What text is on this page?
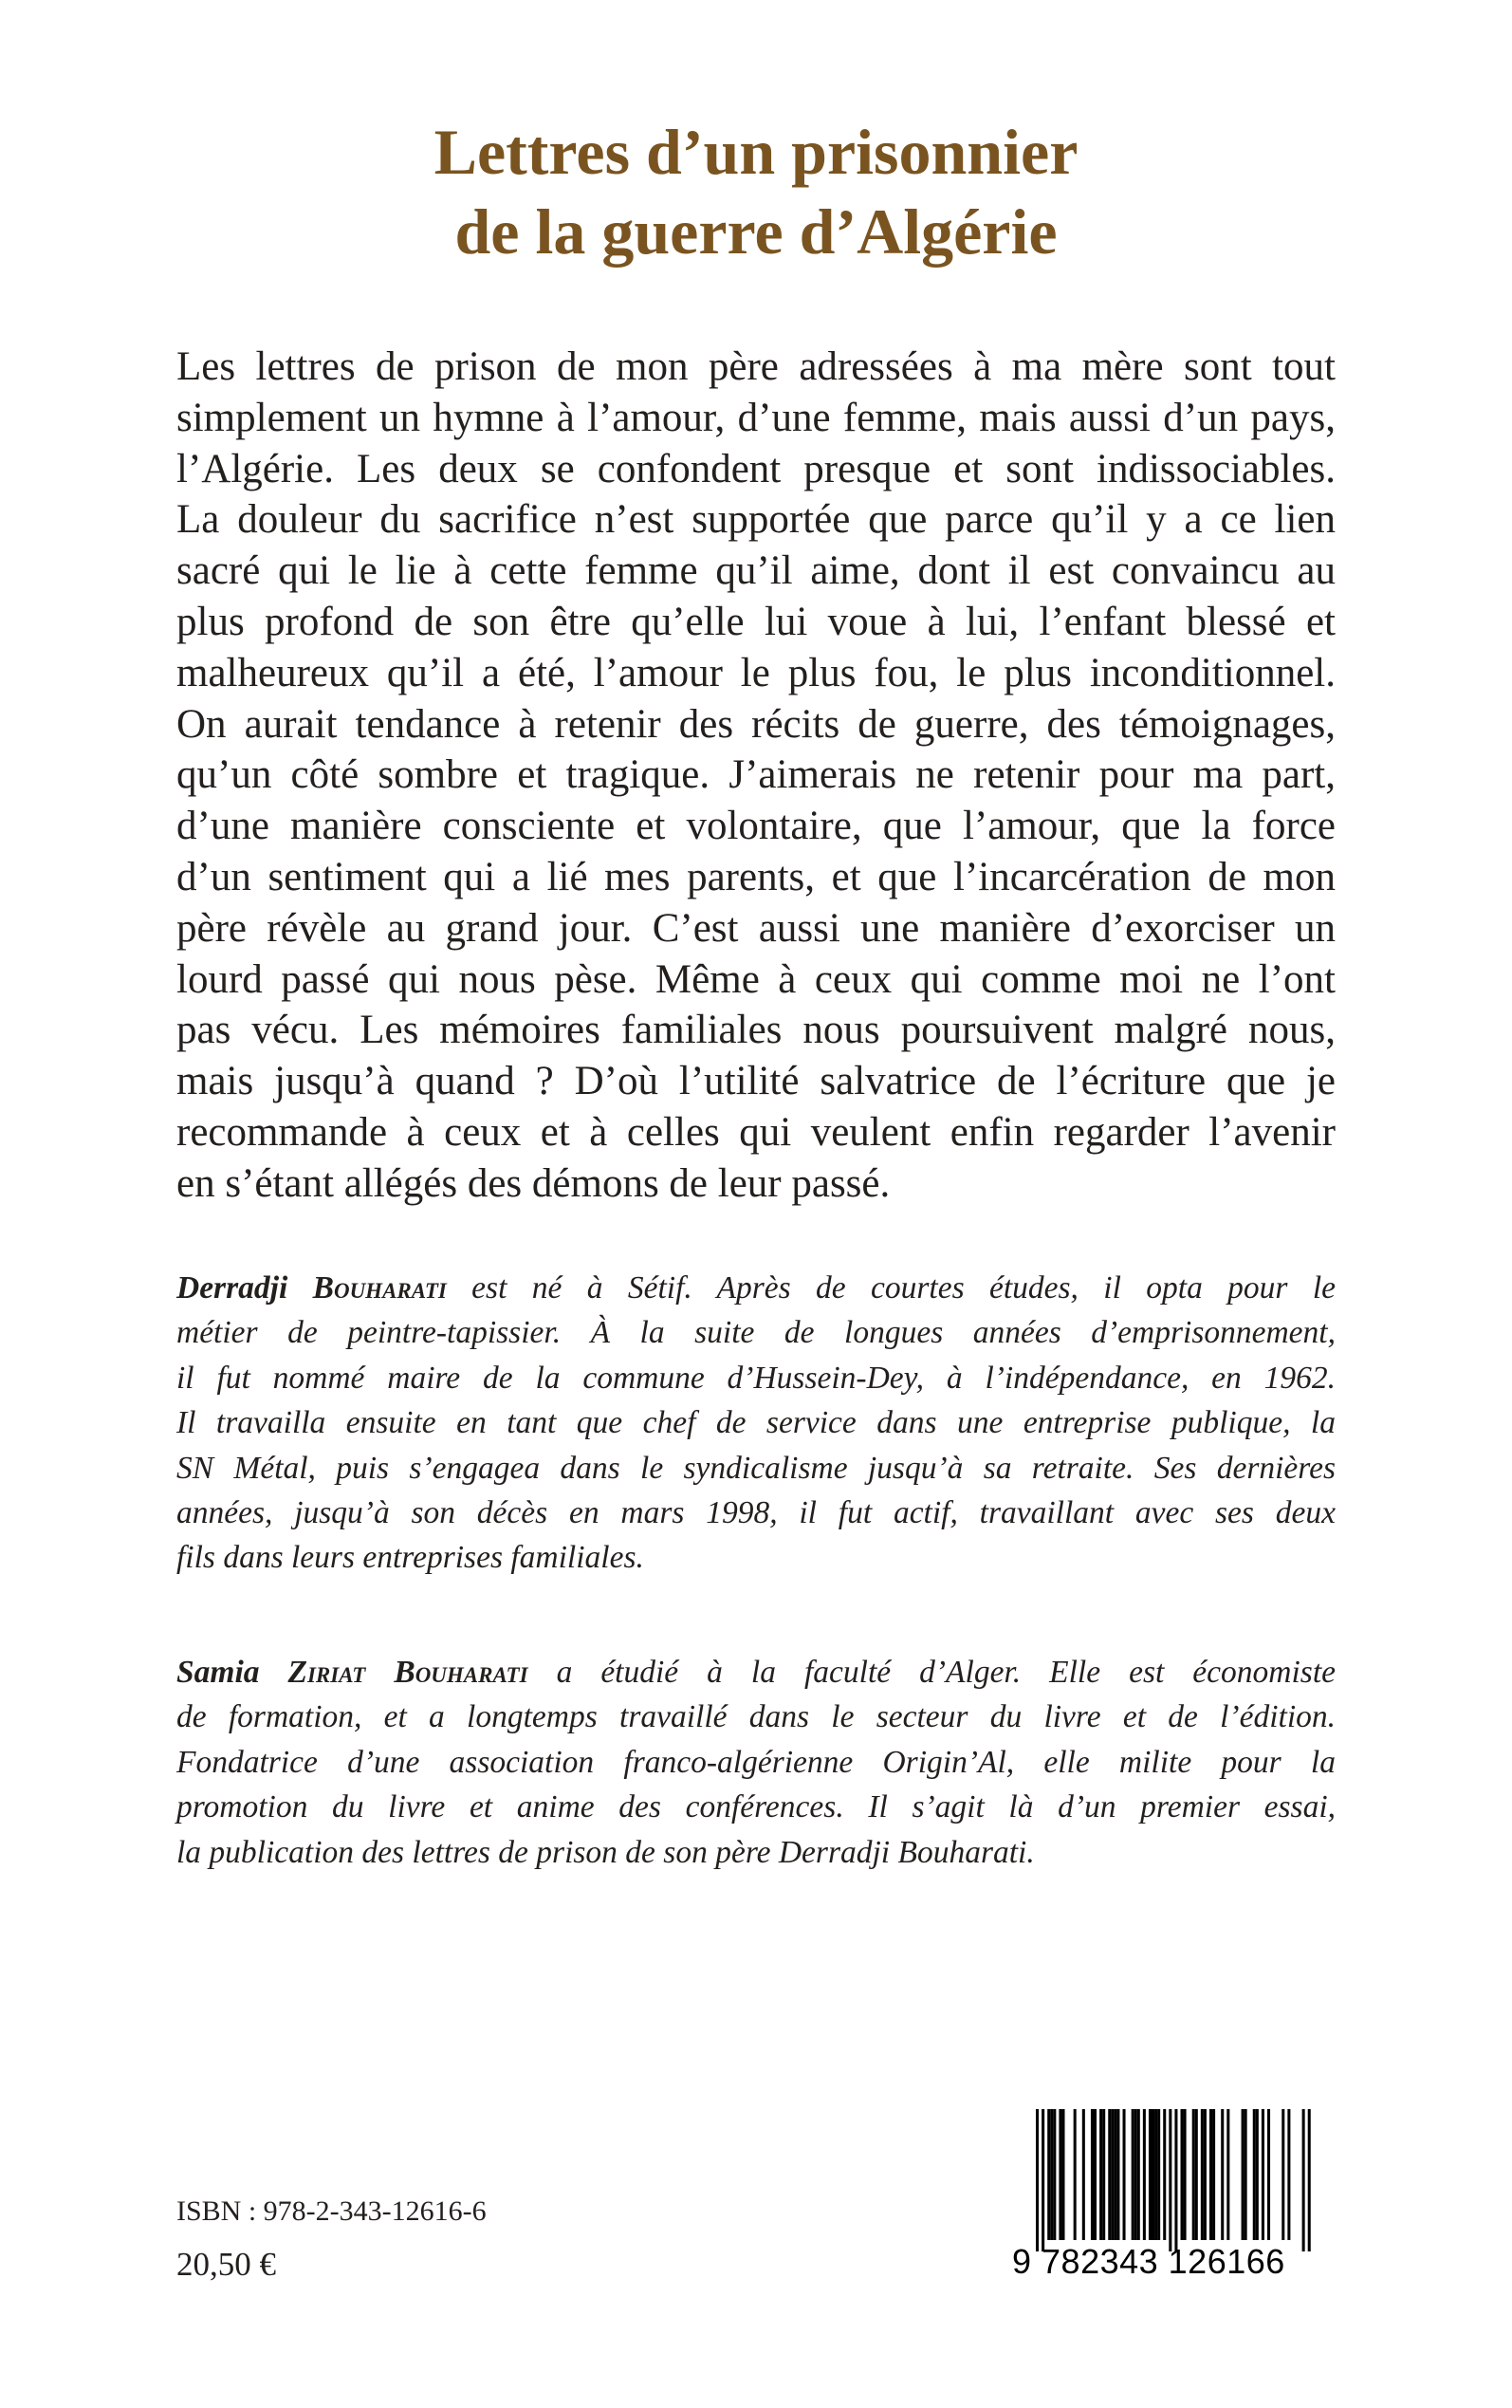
Lettres d’un prisonnier
de la guerre d’Algérie
Les lettres de prison de mon père adressées à ma mère sont tout
simplement un hymne à l’amour, d’une femme, mais aussi d’un pays,
l’Algérie. Les deux se confondent presque et sont indissociables.
La douleur du sacrifice n’est supportée que parce qu’il y a ce lien
sacré qui le lie à cette femme qu’il aime, dont il est convaincu au
plus profond de son être qu’elle lui voue à lui, l’enfant blessé et
malheureux qu’il a été, l’amour le plus fou, le plus inconditionnel.
On aurait tendance à retenir des récits de guerre, des témoignages,
qu’un côté sombre et tragique. J’aimerais ne retenir pour ma part,
d’une manière consciente et volontaire, que l’amour, que la force
d’un sentiment qui a lié mes parents, et que l’incarcération de mon
père révèle au grand jour. C’est aussi une manière d’exorciser un
lourd passé qui nous pèse. Même à ceux qui comme moi ne l’ont
pas vécu. Les mémoires familiales nous poursuivent malgré nous,
mais jusqu’à quand ? D’où l’utilité salvatrice de l’écriture que je
recommande à ceux et à celles qui veulent enfin regarder l’avenir
en s’étant allégés des démons de leur passé.
Derradji Bouharati est né à Sétif. Après de courtes études, il opta pour le
métier de peintre-tapissier. À la suite de longues années d’emprisonnement,
il fut nommé maire de la commune d’Hussein-Dey, à l’indépendance, en 1962.
Il travailla ensuite en tant que chef de service dans une entreprise publique, la
SN Métal, puis s’engagea dans le syndicalisme jusqu’à sa retraite. Ses dernières
années, jusqu’à son décès en mars 1998, il fut actif, travaillant avec ses deux
fils dans leurs entreprises familiales.
Samia Ziriat Bouharati a étudié à la faculté d’Alger. Elle est économiste
de formation, et a longtemps travaillé dans le secteur du livre et de l’édition.
Fondatrice d’une association franco-algérienne Origin’Al, elle milite pour la
promotion du livre et anime des conférences. Il s’agit là d’un premier essai,
la publication des lettres de prison de son père Derradji Bouharati.
ISBN : 978-2-343-12616-6
20,50 €	9 782343 126166
